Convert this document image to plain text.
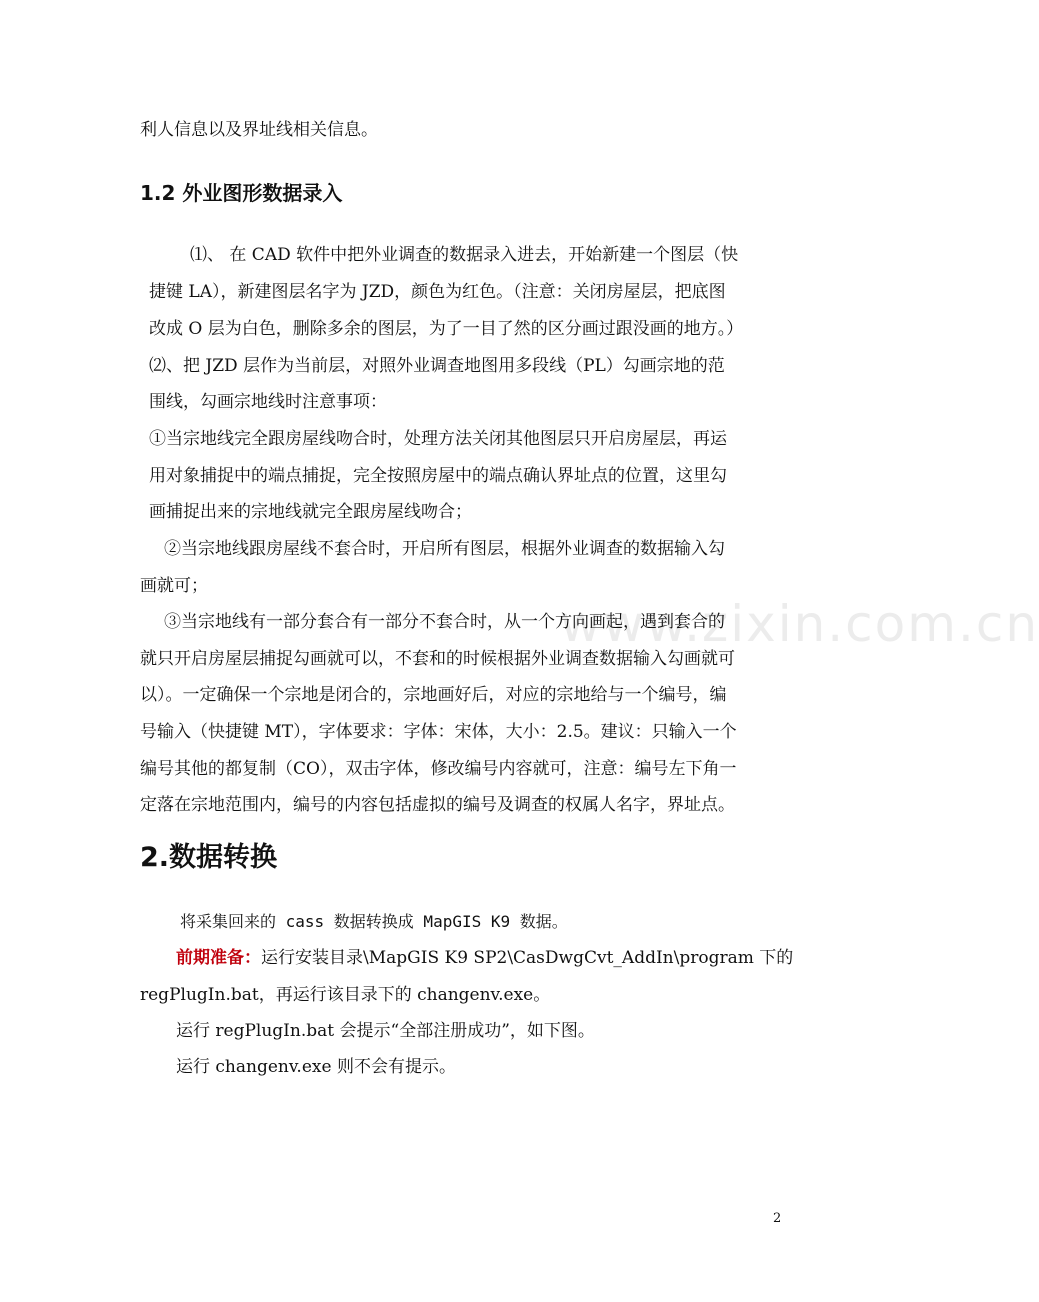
www.zixin.com.cn
利人信息以及界址线相关信息。
1.2 外业图形数据录入
⑴、 在 CAD 软件中把外业调查的数据录入进去，开始新建一个图层（快
捷键 LA），新建图层名字为 JZD，颜色为红色。（注意：关闭房屋层，把底图
改成 O 层为白色，删除多余的图层，为了一目了然的区分画过跟没画的地方。）
⑵、把 JZD 层作为当前层，对照外业调查地图用多段线（PL）勾画宗地的范
围线，勾画宗地线时注意事项：
①当宗地线完全跟房屋线吻合时，处理方法关闭其他图层只开启房屋层，再运
用对象捕捉中的端点捕捉，完全按照房屋中的端点确认界址点的位置，这里勾
画捕捉出来的宗地线就完全跟房屋线吻合；
②当宗地线跟房屋线不套合时，开启所有图层，根据外业调查的数据输入勾
画就可；
③当宗地线有一部分套合有一部分不套合时，从一个方向画起，遇到套合的
就只开启房屋层捕捉勾画就可以，不套和的时候根据外业调查数据输入勾画就可
以）。一定确保一个宗地是闭合的，宗地画好后，对应的宗地给与一个编号，编
号输入（快捷键 MT），字体要求：字体：宋体，大小：2.5。建议：只输入一个
编号其他的都复制（CO），双击字体，修改编号内容就可，注意：编号左下角一
定落在宗地范围内，编号的内容包括虚拟的编号及调查的权属人名字，界址点。
2.数据转换
将采集回来的 cass 数据转换成 MapGIS K9 数据。
前期准备：运行安装目录\MapGIS K9 SP2\CasDwgCvt_AddIn\program 下的
regPlugIn.bat，再运行该目录下的 changenv.exe。
运行 regPlugIn.bat 会提示“全部注册成功”，如下图。
运行 changenv.exe 则不会有提示。
2
